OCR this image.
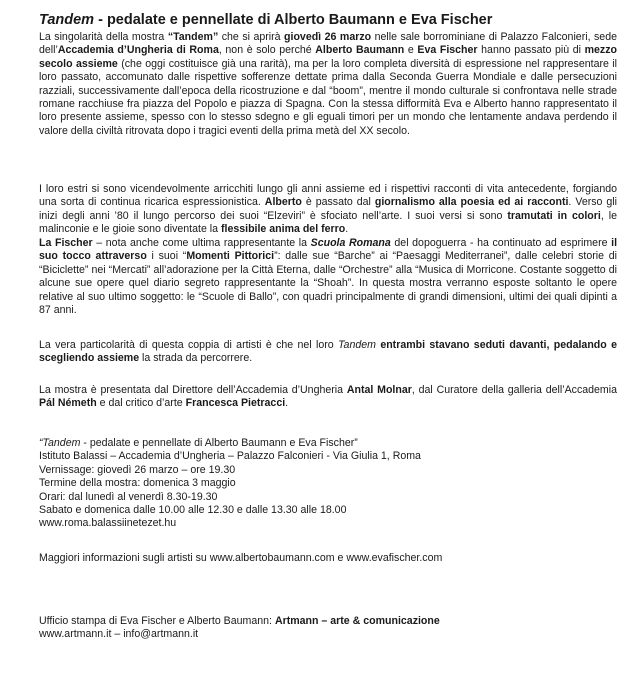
Tandem - pedalate e pennellate di Alberto Baumann e Eva Fischer

La singolarità della mostra “Tandem” che si aprirà giovedì 26 marzo nelle sale borrominiane di Palazzo Falconieri, sede dell’Accademia d’Ungheria di Roma, non è solo perché Alberto Baumann e Eva Fischer hanno passato più di mezzo secolo assieme (che oggi costituisce già una rarità), ma per la loro completa diversità di espressione nel rappresentare il loro passato, accomunato dalle rispettive sofferenze dettate prima dalla Seconda Guerra Mondiale e dalle persecuzioni razziali, successivamente dall’epoca della ricostruzione e dal “boom”, mentre il mondo culturale si confrontava nelle strade romane racchiuse fra piazza del Popolo e piazza di Spagna. Con la stessa difformità Eva e Alberto hanno rappresentato il loro presente assieme, spesso con lo stesso sdegno e gli eguali timori per un mondo che lentamente andava perdendo il valore della civiltà ritrovata dopo i tragici eventi della prima metà del XX secolo.

I loro estri si sono vicendevolmente arricchiti lungo gli anni assieme ed i rispettivi racconti di vita antecedente, forgiando una sorta di continua ricarica espressionistica. Alberto è passato dal giornalismo alla poesia ed ai racconti. Verso gli inizi degli anni ’80 il lungo percorso dei suoi “Elzeviri” è sfociato nell’arte. I suoi versi si sono tramutati in colori, le malinconie e le gioie sono diventate la flessibile anima del ferro.

La Fischer – nota anche come ultima rappresentante la Scuola Romana del dopoguerra - ha continuato ad esprimere il suo tocco attraverso i suoi “Momenti Pittorici”: dalle sue “Barche” ai “Paesaggi Mediterranei”, dalle celebri storie di “Biciclette” nei “Mercati” all’adorazione per la Città Eterna, dalle “Orchestre” alla “Musica di Morricone. Costante soggetto di alcune sue opere quel diario segreto rappresentante la “Shoah”. In questa mostra verranno esposte soltanto le opere relative al suo ultimo soggetto: le “Scuole di Ballo”, con quadri principalmente di grandi dimensioni, ultimi dei quali dipinti a 87 anni.

La vera particolarità di questa coppia di artisti è che nel loro Tandem entrambi stavano seduti davanti, pedalando e scegliendo assieme la strada da percorrere.

La mostra è presentata dal Direttore dell’Accademia d’Ungheria Antal Molnar, dal Curatore della galleria dell’Accademia Pál Németh e dal critico d’arte Francesca Pietracci.

“Tandem - pedalate e pennellate di Alberto Baumann e Eva Fischer”
Istituto Balassi – Accademia d’Ungheria – Palazzo Falconieri - Via Giulia 1, Roma
Vernissage: giovedì 26 marzo – ore 19.30
Termine della mostra: domenica 3 maggio
Orari: dal lunedì al venerdì 8.30-19.30
Sabato e domenica dalle 10.00 alle 12.30 e dalle 13.30 alle 18.00
www.roma.balassiinetezet.hu
Maggiori informazioni sugli artisti su www.albertobaumann.com e www.evafischer.com
Ufficio stampa di Eva Fischer e Alberto Baumann: Artmann – arte & comunicazione
www.artmann.it – info@artmann.it
